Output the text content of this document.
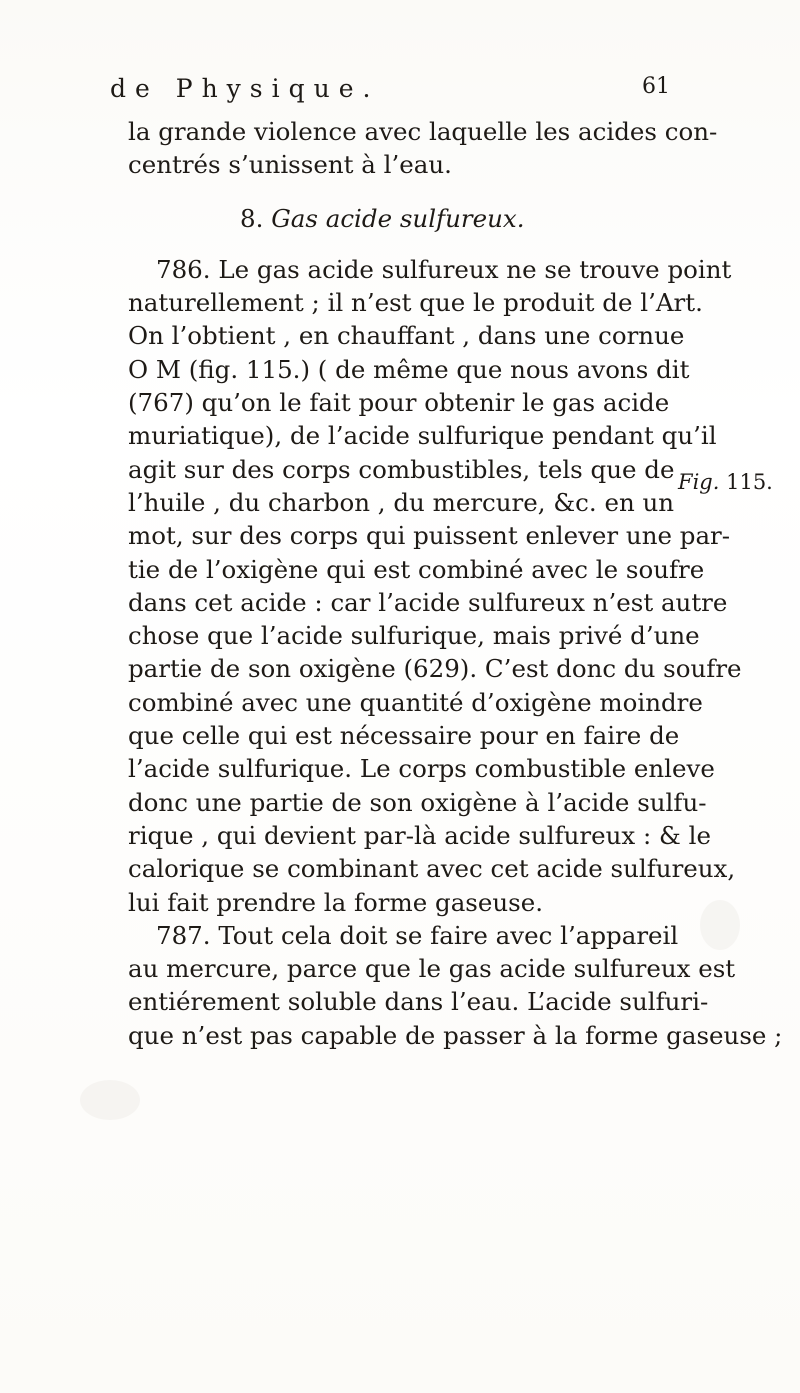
de Physique.	61
la grande violence avec laquelle les acides con-
centrés s’unissent à l’eau.
8. Gas acide sulfureux.
786. Le gas acide sulfureux ne se trouve point
naturellement ; il n’est que le produit de l’Art.
On l’obtient , en chauffant , dans une cornue
O M (fig. 115.) ( de même que nous avons dit
(767) qu’on le fait pour obtenir le gas acide
muriatique), de l’acide sulfurique pendant qu’il
agit sur des corps combustibles, tels que de
l’huile , du charbon , du mercure, &c. en un
mot, sur des corps qui puissent enlever une par-
tie de l’oxigène qui est combiné avec le soufre
dans cet acide : car l’acide sulfureux n’est autre
chose que l’acide sulfurique, mais privé d’une
partie de son oxigène (629). C’est donc du soufre
combiné avec une quantité d’oxigène moindre
que celle qui est nécessaire pour en faire de
l’acide sulfurique. Le corps combustible enleve
donc une partie de son oxigène à l’acide sulfu-
rique , qui devient par-là acide sulfureux : & le
calorique se combinant avec cet acide sulfureux,
lui fait prendre la forme gaseuse.
787. Tout cela doit se faire avec l’appareil
au mercure, parce que le gas acide sulfureux est
entiérement soluble dans l’eau. L’acide sulfuri-
que n’est pas capable de passer à la forme gaseuse ;
Fig. 115.
